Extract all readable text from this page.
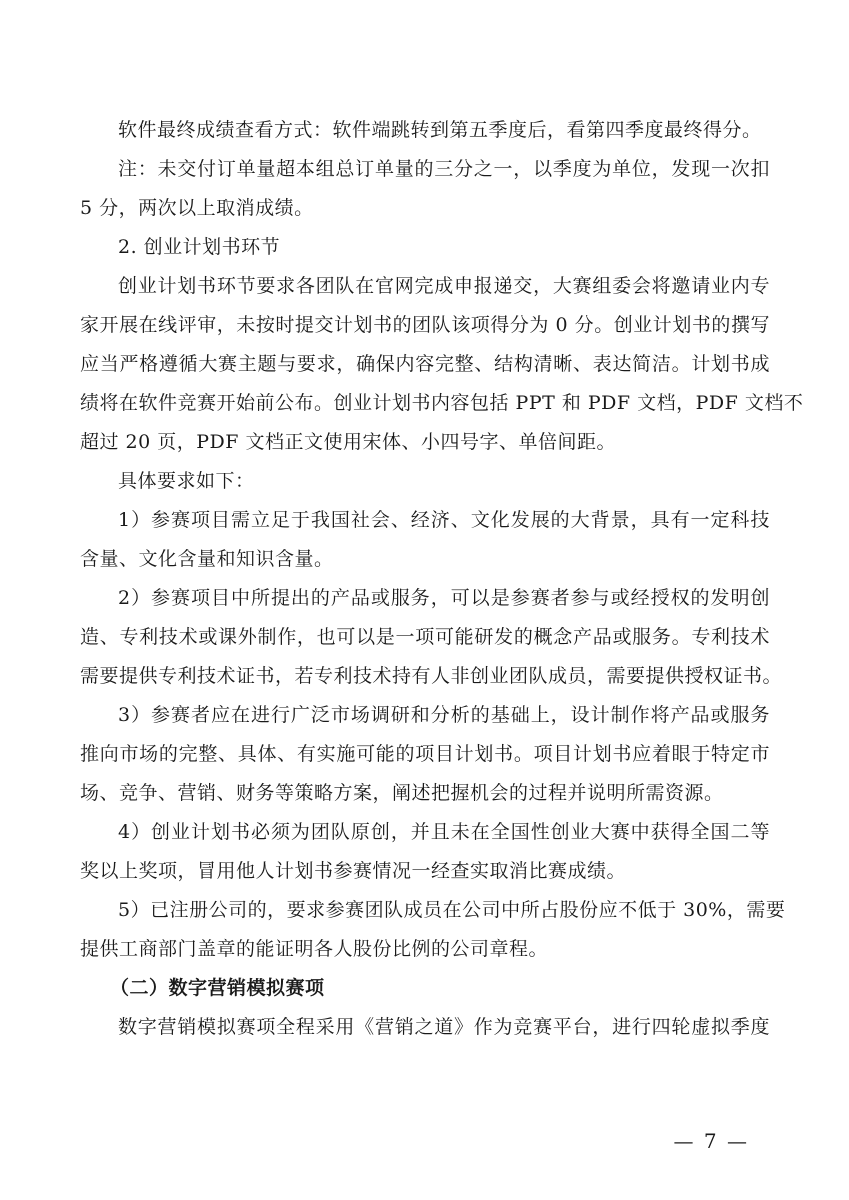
软件最终成绩查看方式：软件端跳转到第五季度后，看第四季度最终得分。
注：未交付订单量超本组总订单量的三分之一，以季度为单位，发现一次扣
5 分，两次以上取消成绩。
2. 创业计划书环节
创业计划书环节要求各团队在官网完成申报递交，大赛组委会将邀请业内专
家开展在线评审，未按时提交计划书的团队该项得分为 0 分。创业计划书的撰写
应当严格遵循大赛主题与要求，确保内容完整、结构清晰、表达简洁。计划书成
绩将在软件竞赛开始前公布。创业计划书内容包括 PPT 和 PDF 文档，PDF 文档不
超过 20 页，PDF 文档正文使用宋体、小四号字、单倍间距。
具体要求如下：
1）参赛项目需立足于我国社会、经济、文化发展的大背景，具有一定科技
含量、文化含量和知识含量。
2）参赛项目中所提出的产品或服务，可以是参赛者参与或经授权的发明创
造、专利技术或课外制作，也可以是一项可能研发的概念产品或服务。专利技术
需要提供专利技术证书，若专利技术持有人非创业团队成员，需要提供授权证书。
3）参赛者应在进行广泛市场调研和分析的基础上，设计制作将产品或服务
推向市场的完整、具体、有实施可能的项目计划书。项目计划书应着眼于特定市
场、竞争、营销、财务等策略方案，阐述把握机会的过程并说明所需资源。
4）创业计划书必须为团队原创，并且未在全国性创业大赛中获得全国二等
奖以上奖项，冒用他人计划书参赛情况一经查实取消比赛成绩。
5）已注册公司的，要求参赛团队成员在公司中所占股份应不低于 30%，需要
提供工商部门盖章的能证明各人股份比例的公司章程。
（二）数字营销模拟赛项
数字营销模拟赛项全程采用《营销之道》作为竞赛平台，进行四轮虚拟季度
— 7 —
